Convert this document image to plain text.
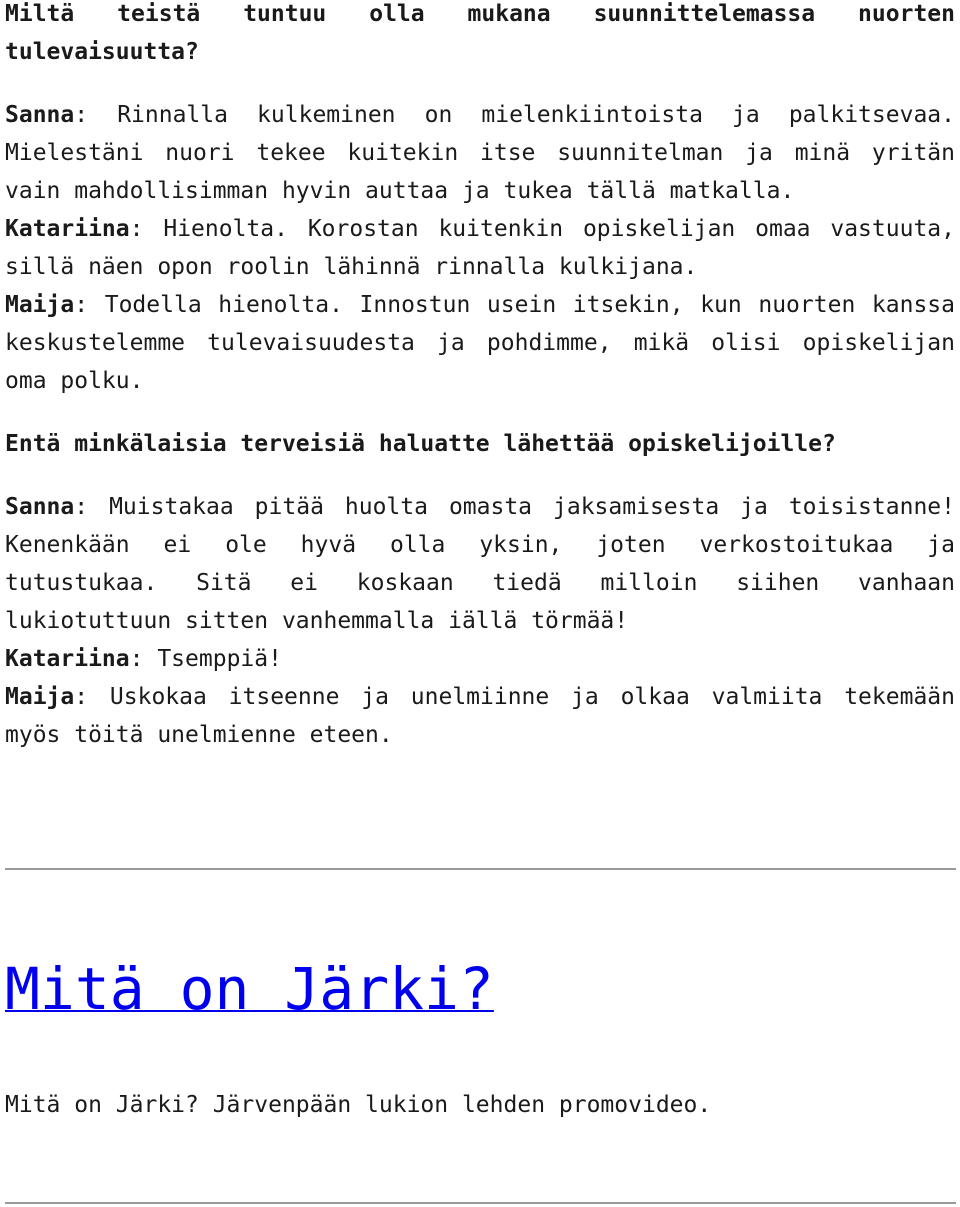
Miltä teistä tuntuu olla mukana suunnittelemassa nuorten tulevaisuutta?

Sanna: Rinnalla kulkeminen on mielenkiintoista ja palkitsevaa. Mielestäni nuori tekee kuitekin itse suunnitelman ja minä yritän vain mahdollisimman hyvin auttaa ja tukea tällä matkalla.
Katariina: Hienolta. Korostan kuitenkin opiskelijan omaa vastuuta, sillä näen opon roolin lähinnä rinnalla kulkijana.
Maija: Todella hienolta. Innostun usein itsekin, kun nuorten kanssa keskustelemme tulevaisuudesta ja pohdimme, mikä olisi opiskelijan oma polku.

Entä minkälaisia terveisiä haluatte lähettää opiskelijoille?

Sanna: Muistakaa pitää huolta omasta jaksamisesta ja toisistanne! Kenenkään ei ole hyvä olla yksin, joten verkostoitukaa ja tutustukaa. Sitä ei koskaan tiedä milloin siihen vanhaan lukiotuttuun sitten vanhemmalla iällä törmää!
Katariina: Tsemppiä!
Maija: Uskokaa itseenne ja unelmiinne ja olkaa valmiita tekemään myös töitä unelmienne eteen.

Mitä on Järki?

Mitä on Järki? Järvenpään lukion lehden promovideo.
